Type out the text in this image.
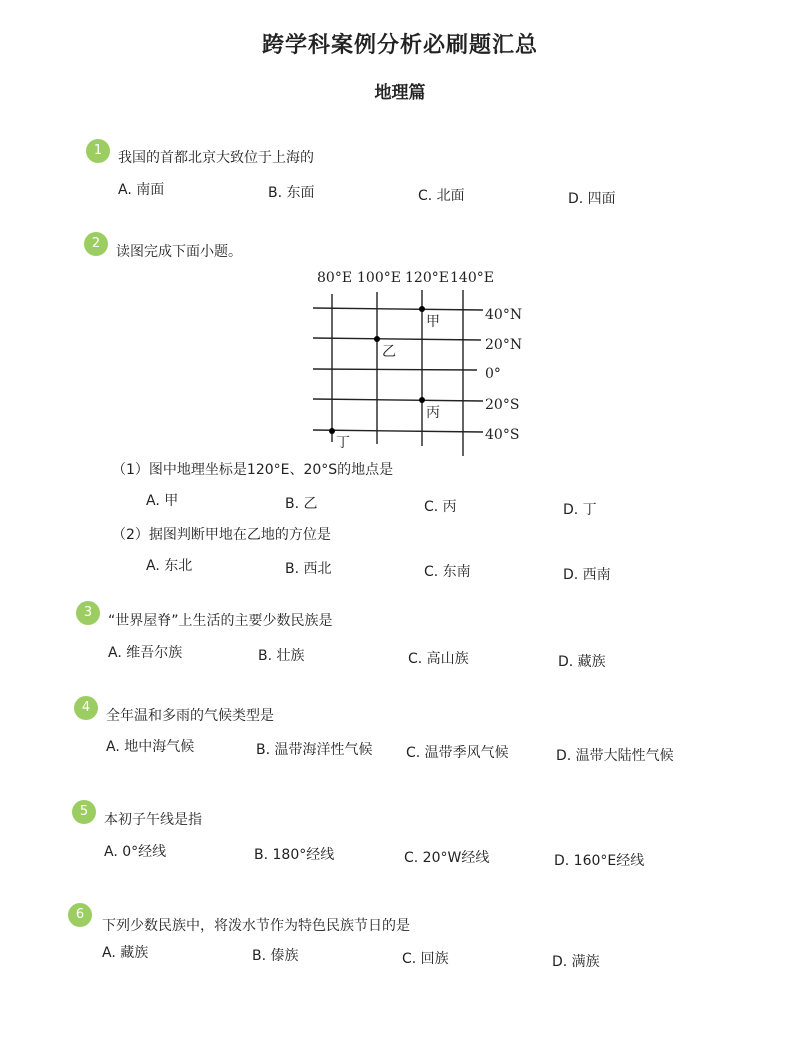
跨学科案例分析必刷题汇总
地理篇
1	我国的首都北京大致位于上海的
A. 南面	B. 东面	C. 北面	D. 四面
2
读图完成下面小题。
80°E 100°E 120°E 140°E
40°N
20°N
0°
20°S
40°S
甲
乙
丙
丁
（1）图中地理坐标是120°E、20°S的地点是
A. 甲	B. 乙	C. 丙	D. 丁
（2）据图判断甲地在乙地的方位是
A. 东北	B. 西北	C. 东南	D. 西南
3
“世界屋脊”上生活的主要少数民族是
A. 维吾尔族	B. 壮族	C. 高山族	D. 藏族
4
全年温和多雨的气候类型是
A. 地中海气候	B. 温带海洋性气候 C. 温带季风气候	D. 温带大陆性气候
5
本初子午线是指
A. 0°经线	B. 180°经线	C. 20°W经线	D. 160°E经线
6
下列少数民族中，将泼水节作为特色民族节日的是
A. 藏族	B. 傣族	C. 回族	D. 满族
